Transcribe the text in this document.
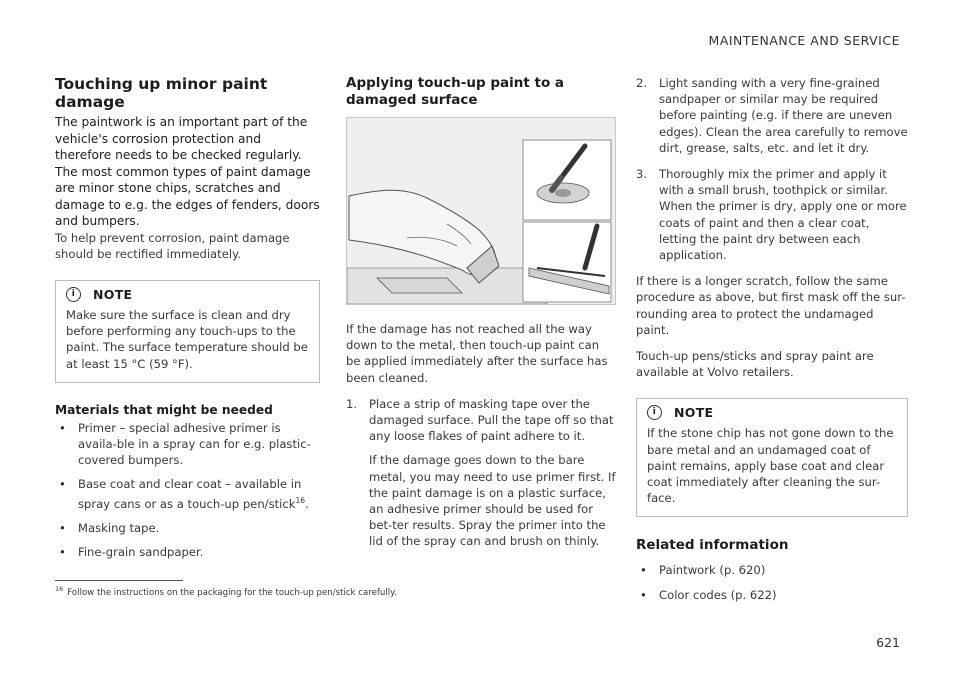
MAINTENANCE AND SERVICE
Touching up minor paint damage

The paintwork is an important part of the vehicle's corrosion protection and therefore needs to be checked regularly. The most common types of paint damage are minor stone chips, scratches and damage to e.g. the edges of fenders, doors and bumpers.

To help prevent corrosion, paint damage should be rectified immediately.

i	NOTE

Make sure the surface is clean and dry before performing any touch-ups to the paint. The surface temperature should be at least 15 °C (59 °F).

Materials that might be needed
• Primer – special adhesive primer is availa-ble in a spray can for e.g. plastic-covered bumpers.
• Base coat and clear coat – available in spray cans or as a touch-up pen/stick$^{16}$.
• Masking tape.
• Fine-grain sandpaper.
Applying touch-up paint to a damaged surface

If the damage has not reached all the way down to the metal, then touch-up paint can be applied immediately after the surface has been cleaned.

1. Place a strip of masking tape over the damaged surface. Pull the tape off so that any loose flakes of paint adhere to it.
If the damage goes down to the bare metal, you may need to use primer first. If the paint damage is on a plastic surface, an adhesive primer should be used for bet-ter results. Spray the primer into the lid of the spray can and brush on thinly.
2. Light sanding with a very fine-grained sandpaper or similar may be required before painting (e.g. if there are uneven edges). Clean the area carefully to remove dirt, grease, salts, etc. and let it dry.
3. Thoroughly mix the primer and apply it with a small brush, toothpick or similar. When the primer is dry, apply one or more coats of paint and then a clear coat, letting the paint dry between each application.

If there is a longer scratch, follow the same procedure as above, but first mask off the sur-rounding area to protect the undamaged paint.

Touch-up pens/sticks and spray paint are available at Volvo retailers.

i	NOTE

If the stone chip has not gone down to the bare metal and an undamaged coat of paint remains, apply base coat and clear coat immediately after cleaning the sur-face.

Related information
• Paintwork (p. 620)
• Color codes (p. 622)
$^{16}$ Follow the instructions on the packaging for the touch-up pen/stick carefully.
621
